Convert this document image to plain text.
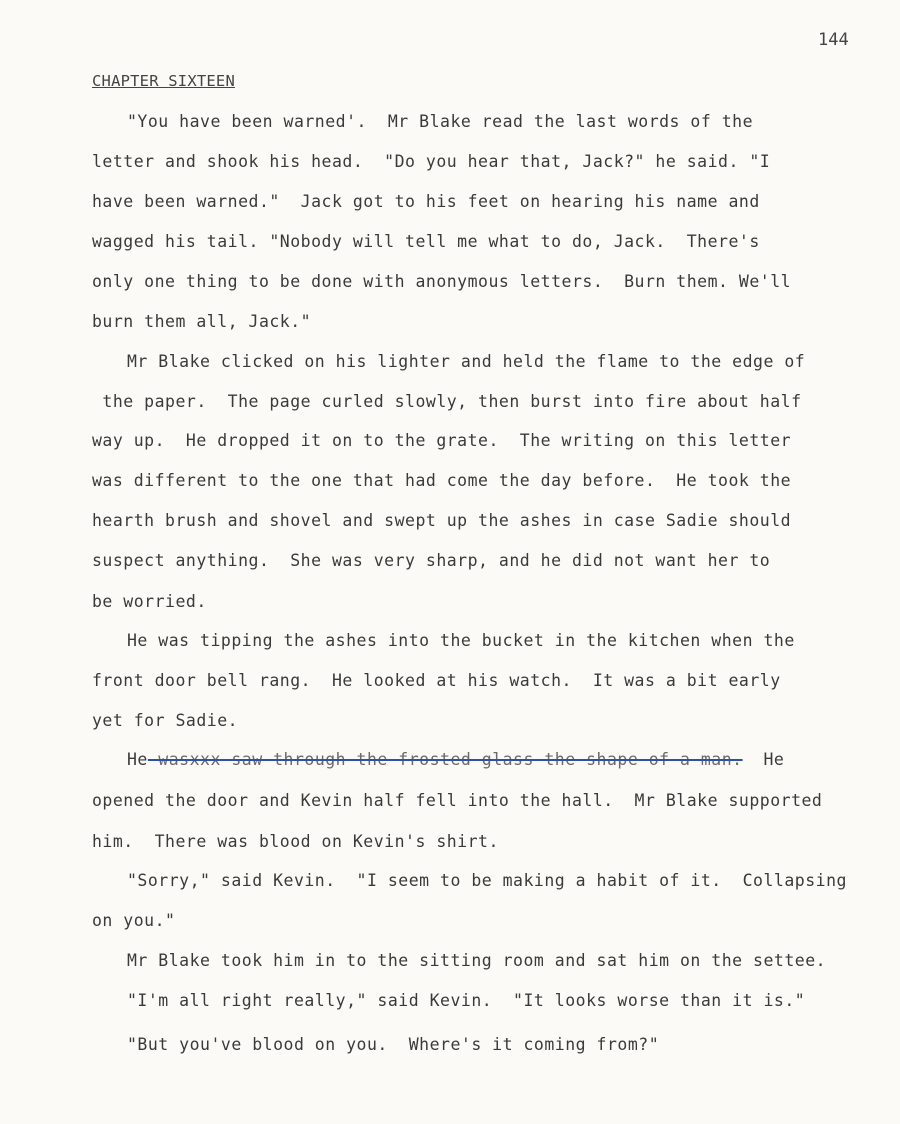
144
CHAPTER SIXTEEN
"You have been warned'.  Mr Blake read the last words of the
letter and shook his head.  "Do you hear that, Jack?" he said. "I
have been warned."  Jack got to his feet on hearing his name and
wagged his tail. "Nobody will tell me what to do, Jack.  There's
only one thing to be done with anonymous letters.  Burn them. We'll
burn them all, Jack."
Mr Blake clicked on his lighter and held the flame to the edge of
the paper.  The page curled slowly, then burst into fire about half
way up.  He dropped it on to the grate.  The writing on this letter
was different to the one that had come the day before.  He took the
hearth brush and shovel and swept up the ashes in case Sadie should
suspect anything.  She was very sharp, and he did not want her to
be worried.
He was tipping the ashes into the bucket in the kitchen when the
front door bell rang.  He looked at his watch.  It was a bit early
yet for Sadie.
He wasxxx saw through the frosted glass the shape of a man.  He
opened the door and Kevin half fell into the hall.  Mr Blake supported
him.  There was blood on Kevin's shirt.
"Sorry," said Kevin.  "I seem to be making a habit of it.  Collapsing
on you."
Mr Blake took him in to the sitting room and sat him on the settee.
"I'm all right really," said Kevin.  "It looks worse than it is."
"But you've blood on you.  Where's it coming from?"
